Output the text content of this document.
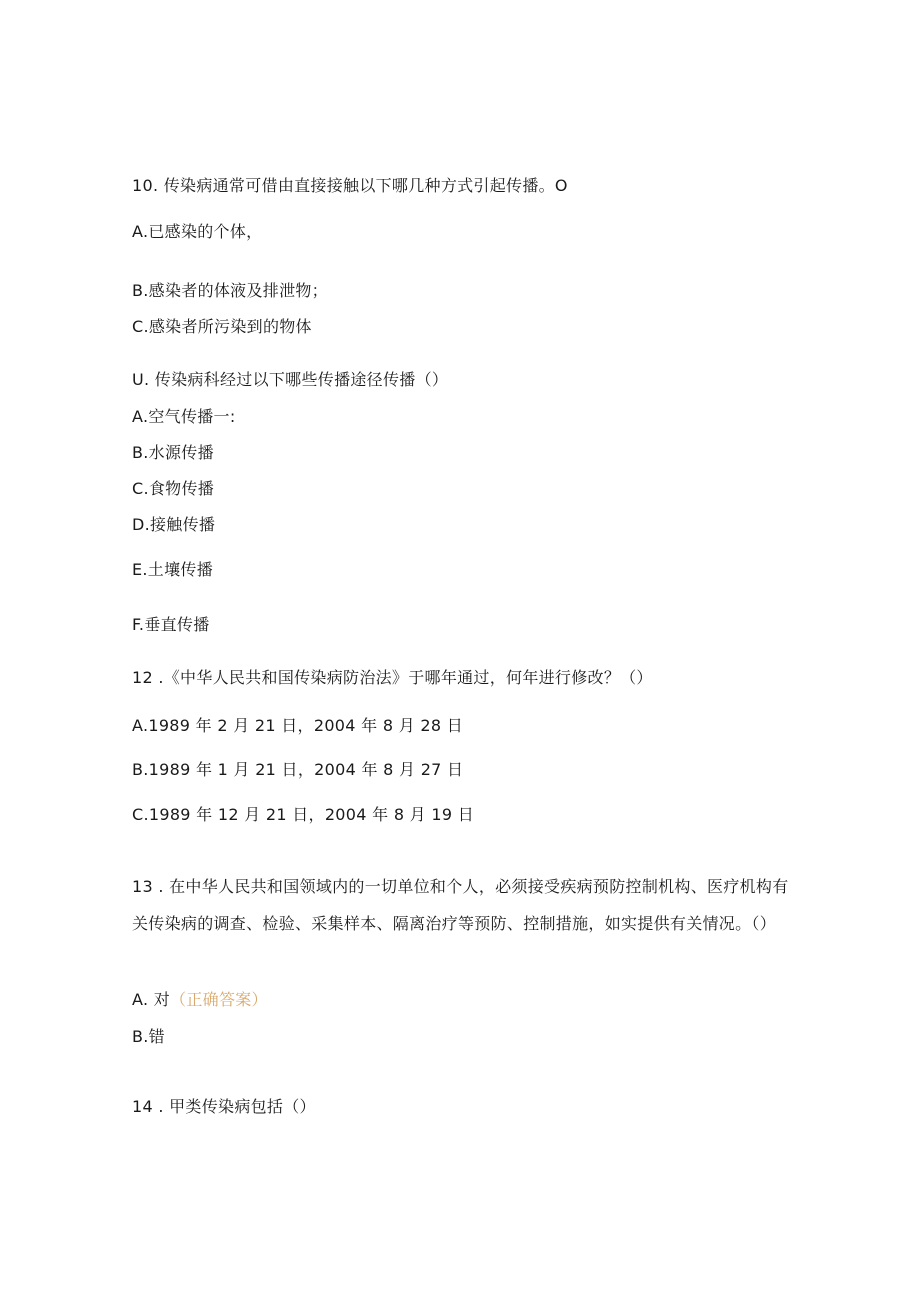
10. 传染病通常可借由直接接触以下哪几种方式引起传播。O
A.已感染的个体，
B.感染者的体液及排泄物；
C.感染者所污染到的物体
U. 传染病科经过以下哪些传播途径传播（）
A.空气传播一:
B.水源传播
C.食物传播
D.接触传播
E.土壤传播
F.垂直传播
12 .《中华人民共和国传染病防治法》于哪年通过，何年进行修改？（）
A.1989 年 2 月 21 日，2004 年 8 月 28 日
B.1989 年 1 月 21 日，2004 年 8 月 27 日
C.1989 年 12 月 21 日，2004 年 8 月 19 日
13 . 在中华人民共和国领域内的一切单位和个人，必须接受疾病预防控制机构、医疗机构有关传染病的调查、检验、采集样本、隔离治疗等预防、控制措施，如实提供有关情况。（）
A. 对（正确答案）
B.错
14 . 甲类传染病包括（）
